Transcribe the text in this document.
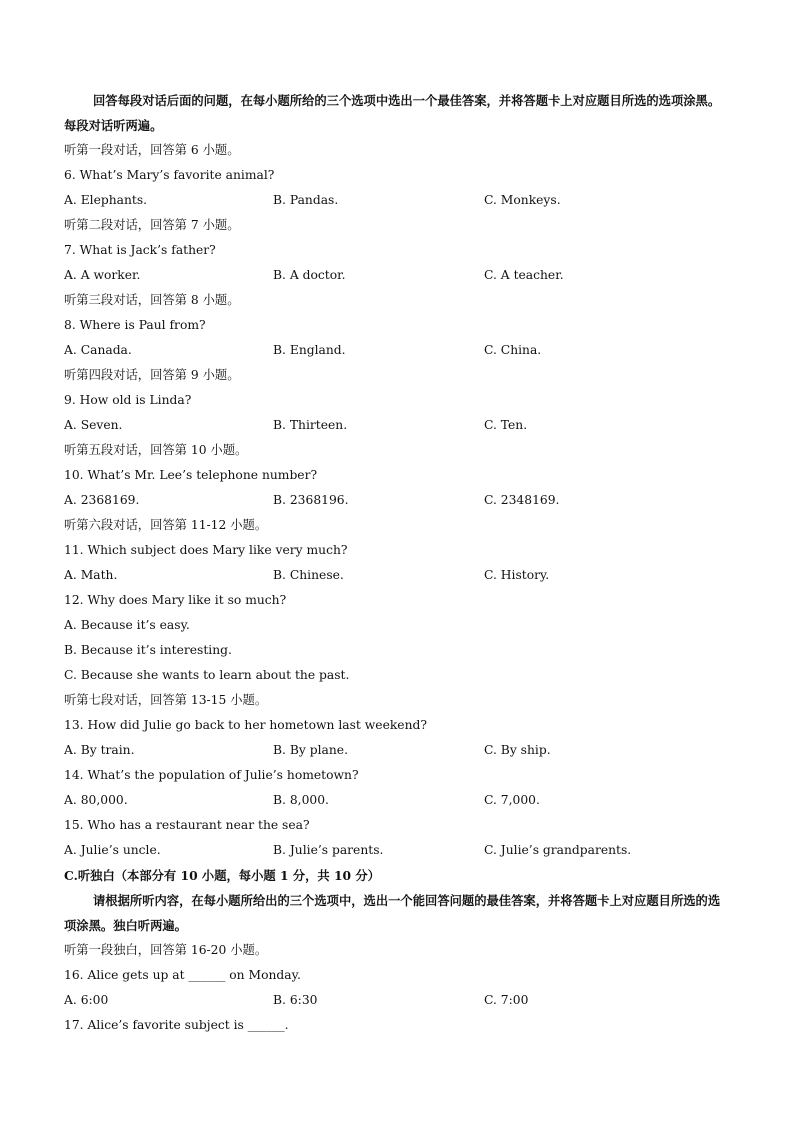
回答每段对话后面的问题，在每小题所给的三个选项中选出一个最佳答案，并将答题卡上对应题目所选的选项涂黑。每段对话听两遍。
听第一段对话，回答第 6 小题。
6. What’s Mary’s favorite animal?
A. Elephants.	B. Pandas.	C. Monkeys.
听第二段对话，回答第 7 小题。
7. What is Jack’s father?
A. A worker.	B. A doctor.	C. A teacher.
听第三段对话，回答第 8 小题。
8. Where is Paul from?
A. Canada.	B. England.	C. China.
听第四段对话，回答第 9 小题。
9. How old is Linda?
A. Seven.	B. Thirteen.	C. Ten.
听第五段对话，回答第 10 小题。
10. What’s Mr. Lee’s telephone number?
A. 2368169.	B. 2368196.	C. 2348169.
听第六段对话，回答第 11-12 小题。
11. Which subject does Mary like very much?
A. Math.	B. Chinese.	C. History.
12. Why does Mary like it so much?
A. Because it’s easy.
B. Because it’s interesting.
C. Because she wants to learn about the past.
听第七段对话，回答第 13-15 小题。
13. How did Julie go back to her hometown last weekend?
A. By train.	B. By plane.	C. By ship.
14. What’s the population of Julie’s hometown?
A. 80,000.	B. 8,000.	C. 7,000.
15. Who has a restaurant near the sea?
A. Julie’s uncle.	B. Julie’s parents.	C. Julie’s grandparents.
C.听独白（本部分有 10 小题，每小题 1 分，共 10 分）
请根据所听内容，在每小题所给出的三个选项中，选出一个能回答问题的最佳答案，并将答题卡上对应题目所选的选项涂黑。独白听两遍。
听第一段独白，回答第 16-20 小题。
16. Alice gets up at ______ on Monday.
A. 6:00	B. 6:30	C. 7:00
17. Alice’s favorite subject is ______.
